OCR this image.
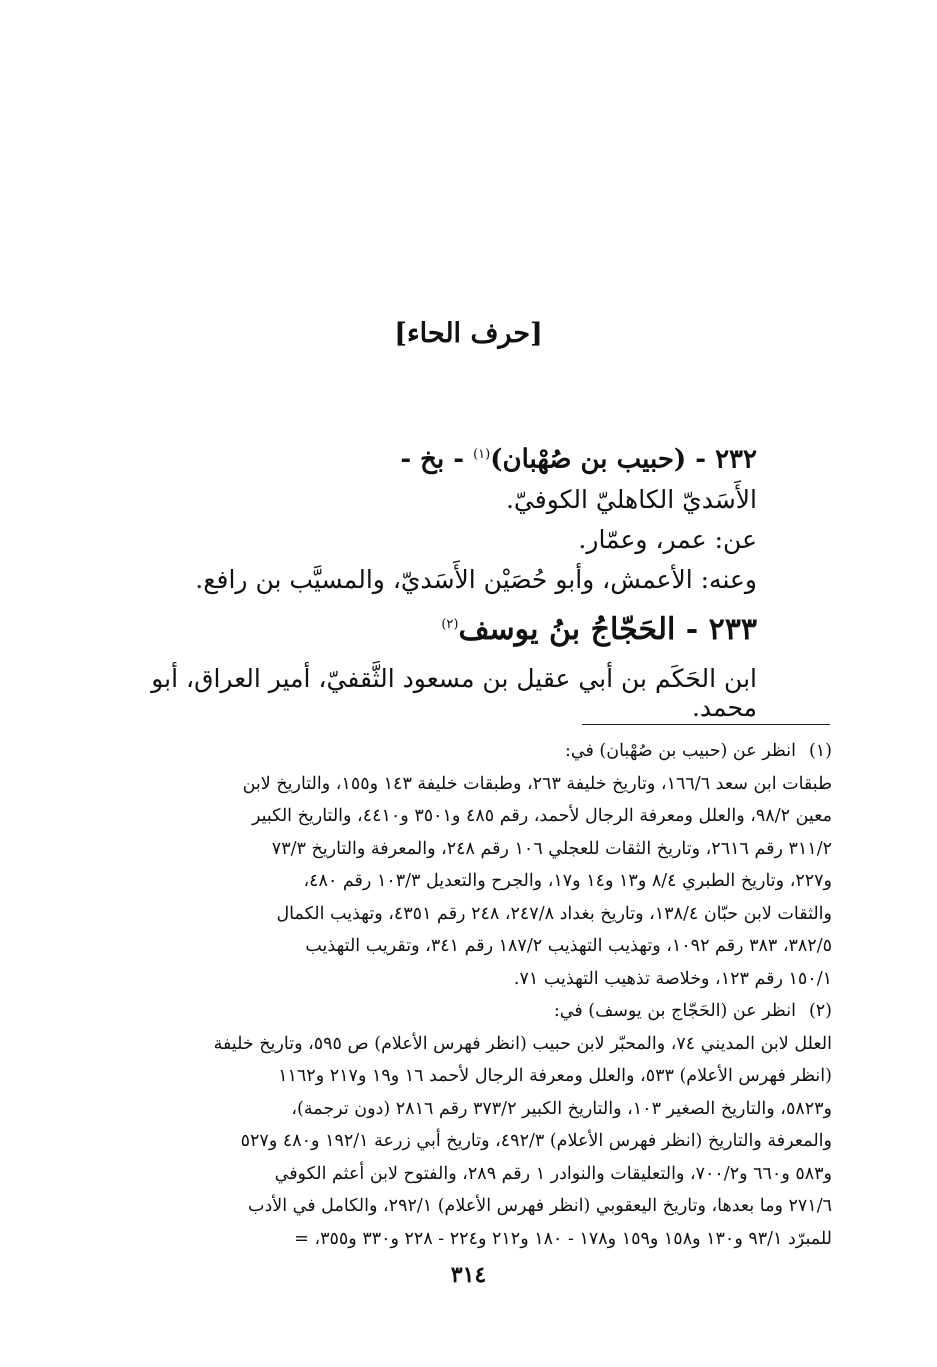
[حرف الحاء]
٢٣٢ - (حبيب بن صُهْبان)$^{(١)}$ - بخ -
الأَسَديّ الكاهليّ الكوفيّ.
عن: عمر، وعمّار.
وعنه: الأعمش، وأبو حُصَيْن الأَسَديّ، والمسيَّب بن رافع.
٢٣٣ - الحَجّاجُ بنُ يوسف$^{(٢)}$
ابن الحَكَم بن أبي عقيل بن مسعود الثَّقفيّ، أمير العراق، أبو محمد.
(١)انظر عن (حبيب بن صُهْبان) في:
طبقات ابن سعد ١٦٦/٦، وتاريخ خليفة ٢٦٣، وطبقات خليفة ١٤٣ و١٥٥، والتاريخ لابن
معين ٩٨/٢، والعلل ومعرفة الرجال لأحمد، رقم ٤٨٥ و٣٥٠١ و٤٤١٠، والتاريخ الكبير
٣١١/٢ رقم ٢٦١٦، وتاريخ الثقات للعجلي ١٠٦ رقم ٢٤٨، والمعرفة والتاريخ ٧٣/٣
و٢٢٧، وتاريخ الطبري ٨/٤ و١٣ و١٤ و١٧، والجرح والتعديل ١٠٣/٣ رقم ٤٨٠،
والثقات لابن حبّان ١٣٨/٤، وتاريخ بغداد ٢٤٧/٨، ٢٤٨ رقم ٤٣٥١، وتهذيب الكمال
٣٨٢/٥، ٣٨٣ رقم ١٠٩٢، وتهذيب التهذيب ١٨٧/٢ رقم ٣٤١، وتقريب التهذيب
١٥٠/١ رقم ١٢٣، وخلاصة تذهيب التهذيب ٧١.
(٢)انظر عن (الحَجّاج بن يوسف) في:
العلل لابن المديني ٧٤، والمحبّر لابن حبيب (انظر فهرس الأعلام) ص ٥٩٥، وتاريخ خليفة
(انظر فهرس الأعلام) ٥٣٣، والعلل ومعرفة الرجال لأحمد ١٦ و١٩ و٢١٧ و١١٦٢
و٥٨٢٣، والتاريخ الصغير ١٠٣، والتاريخ الكبير ٣٧٣/٢ رقم ٢٨١٦ (دون ترجمة)،
والمعرفة والتاريخ (انظر فهرس الأعلام) ٤٩٢/٣، وتاريخ أبي زرعة ١٩٢/١ و٤٨٠ و٥٢٧
و٥٨٣ و٦٦٠ و٧٠٠/٢، والتعليقات والنوادر ١ رقم ٢٨٩، والفتوح لابن أعثم الكوفي
٢٧١/٦ وما بعدها، وتاريخ اليعقوبي (انظر فهرس الأعلام) ٢٩٢/١، والكامل في الأدب
للمبرّد ٩٣/١ و١٣٠ و١٥٨ و١٥٩ و١٧٨ - ١٨٠ و٢١٢ و٢٢٤ - ٢٢٨ و٣٣٠ و٣٥٥، =
٣١٤
